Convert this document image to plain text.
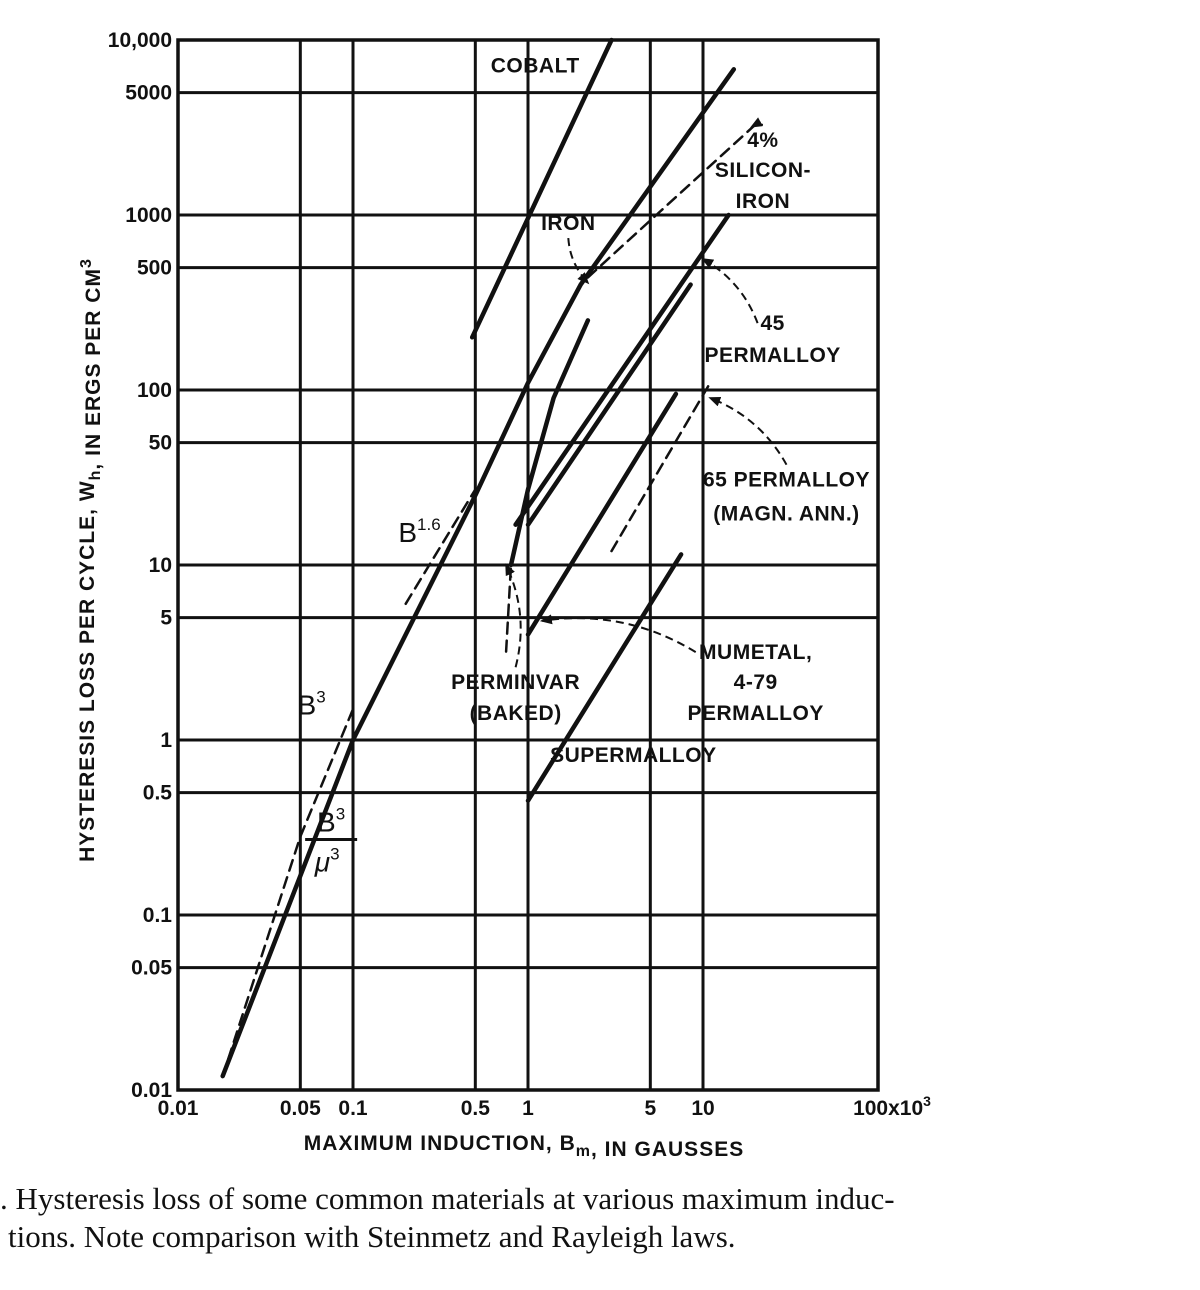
0.01	0.05 0.1	0.5 1	5 10	$100x10^3$
10,000
5000
1000
500
100
50
10
5
1
0.5
0.1
0.05
0.01
COBALT
IRON
4%
SILICON-
IRON
45
PERMALLOY
65 PERMALLOY
(MAGN. ANN.)
MUMETAL,
4-79
PERMALLOY
SUPERMALLOY
PERMINVAR
(BAKED)
$B^{1.6}$
$B^3$
$B^3$
$\mu^3$
MAXIMUM INDUCTION, $B_m$, IN GAUSSES
HYSTERESIS LOSS PER CYCLE, $W_h$, IN ERGS PER $CM^3$
. Hysteresis loss of some common materials at various maximum induc-
tions. Note comparison with Steinmetz and Rayleigh laws.
